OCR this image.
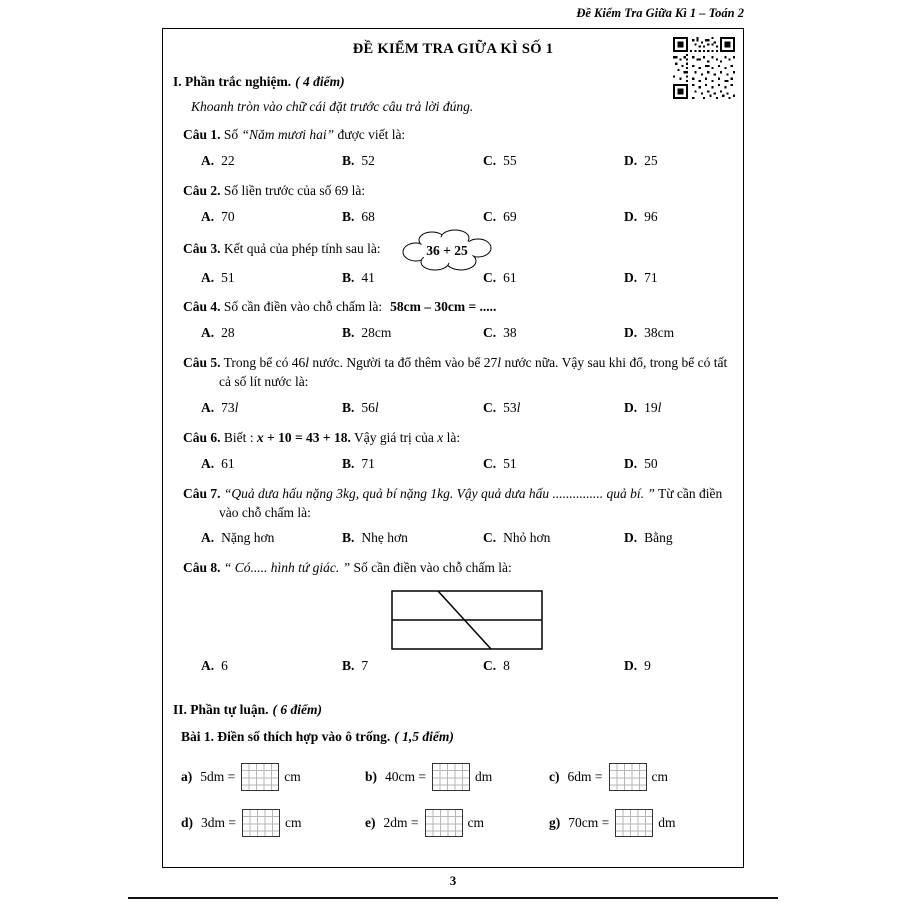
Đề Kiểm Tra Giữa Kì 1 – Toán 2
ĐỀ KIỂM TRA GIỮA KÌ SỐ 1
I. Phần trắc nghiệm. ( 4 điểm)
Khoanh tròn vào chữ cái đặt trước câu trả lời đúng.
Câu 1. Số “Năm mươi hai” được viết là:
A. 22	B. 52	C. 55	D. 25
Câu 2. Số liền trước của số 69 là:
A. 70	B. 68	C. 69	D. 96
Câu 3. Kết quả của phép tính sau là:	36 + 25
A. 51	B. 41	C. 61	D. 71
Câu 4. Số cần điền vào chỗ chấm là: 58cm – 30cm = .....
A. 28	B. 28cm	C. 38	D. 38cm
Câu 5. Trong bể có 46l nước. Người ta đổ thêm vào bể 27l nước nữa. Vậy sau khi đổ, trong bể có tất cả số lít nước là:
A. 73l	B. 56l	C. 53l	D. 19l
Câu 6. Biết : x + 10 = 43 + 18. Vậy giá trị của x là:
A. 61	B. 71	C. 51	D. 50
Câu 7. “Quả dưa hấu nặng 3kg, quả bí nặng 1kg. Vậy quả dưa hấu ............... quả bí. ” Từ cần điền vào chỗ chấm là:
A. Nặng hơn	B. Nhẹ hơn	C. Nhỏ hơn	D. Bằng
Câu 8. “ Có..... hình tứ giác. ” Số cần điền vào chỗ chấm là:
A. 6	B. 7	C. 8	D. 9
II. Phần tự luận. ( 6 điểm)
Bài 1. Điền số thích hợp vào ô trống. ( 1,5 điểm)
a) 5dm =	cm	b) 40cm =	dm	c) 6dm =	cm
d) 3dm =	cm	e) 2dm =	cm	g) 70cm =	dm
3
